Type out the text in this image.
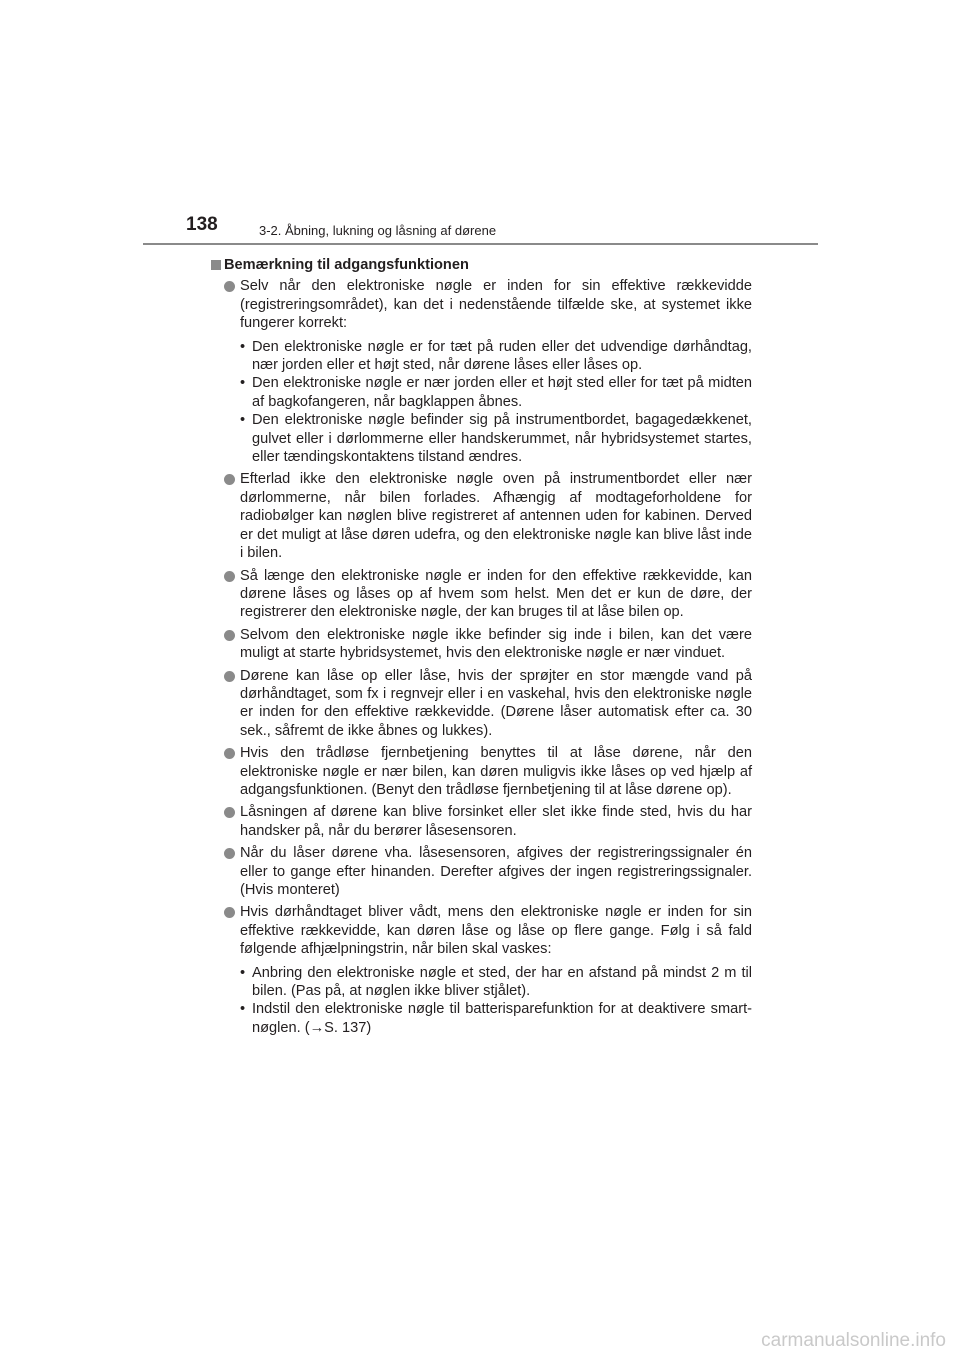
138	3-2. Åbning, lukning og låsning af dørene
Bemærkning til adgangsfunktionen
Selv når den elektroniske nøgle er inden for sin effektive rækkevidde (registreringsområdet), kan det i nedenstående tilfælde ske, at systemet ikke fungerer korrekt:
• Den elektroniske nøgle er for tæt på ruden eller det udvendige dørhåndtag, nær jorden eller et højt sted, når dørene låses eller låses op.
• Den elektroniske nøgle er nær jorden eller et højt sted eller for tæt på midten af bagkofangeren, når bagklappen åbnes.
• Den elektroniske nøgle befinder sig på instrumentbordet, bagagedækkenet, gulvet eller i dørlommerne eller handskerummet, når hybridsystemet startes, eller tændingskontaktens tilstand ændres.
Efterlad ikke den elektroniske nøgle oven på instrumentbordet eller nær dørlommerne, når bilen forlades. Afhængig af modtageforholdene for radiobølger kan nøglen blive registreret af antennen uden for kabinen. Derved er det muligt at låse døren udefra, og den elektroniske nøgle kan blive låst inde i bilen.
Så længe den elektroniske nøgle er inden for den effektive rækkevidde, kan dørene låses og låses op af hvem som helst. Men det er kun de døre, der registrerer den elektroniske nøgle, der kan bruges til at låse bilen op.
Selvom den elektroniske nøgle ikke befinder sig inde i bilen, kan det være muligt at starte hybridsystemet, hvis den elektroniske nøgle er nær vinduet.
Dørene kan låse op eller låse, hvis der sprøjter en stor mængde vand på dørhåndtaget, som fx i regnvejr eller i en vaskehal, hvis den elektroniske nøgle er inden for den effektive rækkevidde. (Dørene låser automatisk efter ca. 30 sek., såfremt de ikke åbnes og lukkes).
Hvis den trådløse fjernbetjening benyttes til at låse dørene, når den elektroniske nøgle er nær bilen, kan døren muligvis ikke låses op ved hjælp af adgangsfunktionen. (Benyt den trådløse fjernbetjening til at låse dørene op).
Låsningen af dørene kan blive forsinket eller slet ikke finde sted, hvis du har handsker på, når du berører låsesensoren.
Når du låser dørene vha. låsesensoren, afgives der registreringssignaler én eller to gange efter hinanden. Derefter afgives der ingen registreringssignaler. (Hvis monteret)
Hvis dørhåndtaget bliver vådt, mens den elektroniske nøgle er inden for sin effektive rækkevidde, kan døren låse og låse op flere gange. Følg i så fald følgende afhjælpningstrin, når bilen skal vaskes:
• Anbring den elektroniske nøgle et sted, der har en afstand på mindst 2 m til bilen. (Pas på, at nøglen ikke bliver stjålet).
• Indstil den elektroniske nøgle til batterisparefunktion for at deaktivere smart-nøglen. (→S. 137)
carmanualsonline.info
